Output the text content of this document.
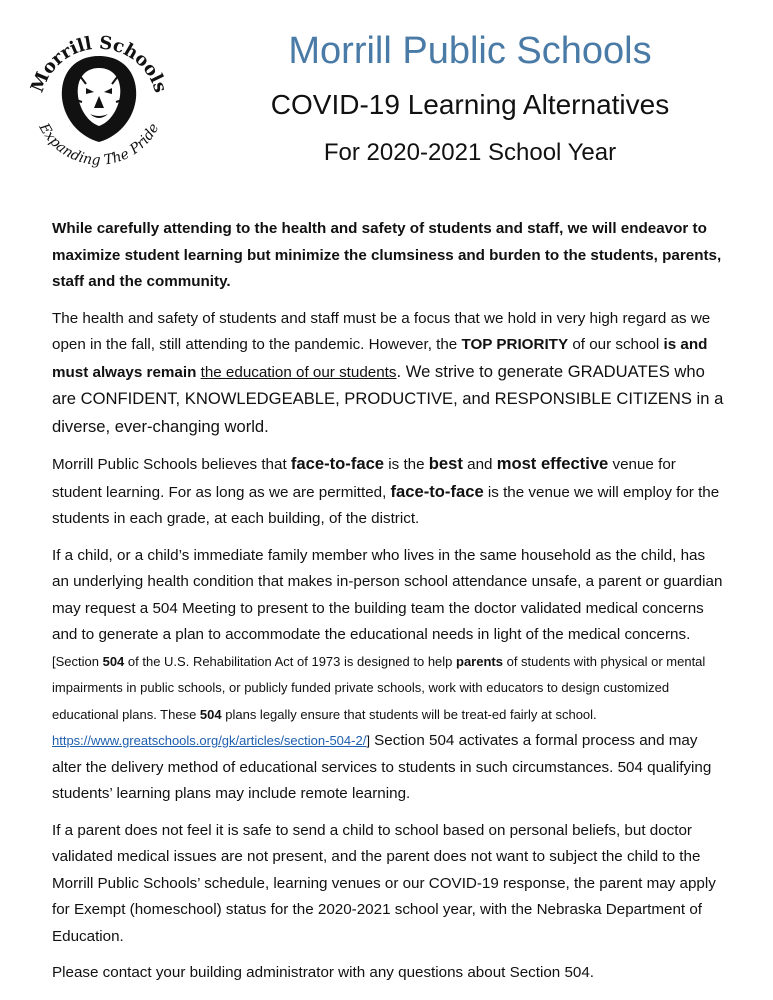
Morrill Schools
Expanding The Pride
Morrill Public Schools
COVID-19 Learning Alternatives
For 2020-2021 School Year

While carefully attending to the health and safety of students and staff, we will endeavor to maximize student learning but minimize the clumsiness and burden to the students, parents, staff and the community.

The health and safety of students and staff must be a focus that we hold in very high regard as we open in the fall, still attending to the pandemic. However, the TOP PRIORITY of our school is and must always remain the education of our students. We strive to generate GRADUATES who are CONFIDENT, KNOWLEDGEABLE, PRODUCTIVE, and RESPONSIBLE CITIZENS in a diverse, ever-changing world.

Morrill Public Schools believes that face-to-face is the best and most effective venue for student learning. For as long as we are permitted, face-to-face is the venue we will employ for the students in each grade, at each building, of the district.

If a child, or a child’s immediate family member who lives in the same household as the child, has an underlying health condition that makes in-person school attendance unsafe, a parent or guardian may request a 504 Meeting to present to the building team the doctor validated medical concerns and to generate a plan to accommodate the educational needs in light of the medical concerns. [Section 504 of the U.S. Rehabilitation Act of 1973 is designed to help parents of students with physical or mental impairments in public schools, or publicly funded private schools, work with educators to design customized educational plans. These 504 plans legally ensure that students will be treat-ed fairly at school. https://www.greatschools.org/gk/articles/section-504-2/] Section 504 activates a formal process and may alter the delivery method of educational services to students in such circumstances. 504 qualifying students’ learning plans may include remote learning.

If a parent does not feel it is safe to send a child to school based on personal beliefs, but doctor validated medical issues are not present, and the parent does not want to subject the child to the Morrill Public Schools’ schedule, learning venues or our COVID-19 response, the parent may apply for Exempt (homeschool) status for the 2020-2021 school year, with the Nebraska Department of Education.

Please contact your building administrator with any questions about Section 504.
